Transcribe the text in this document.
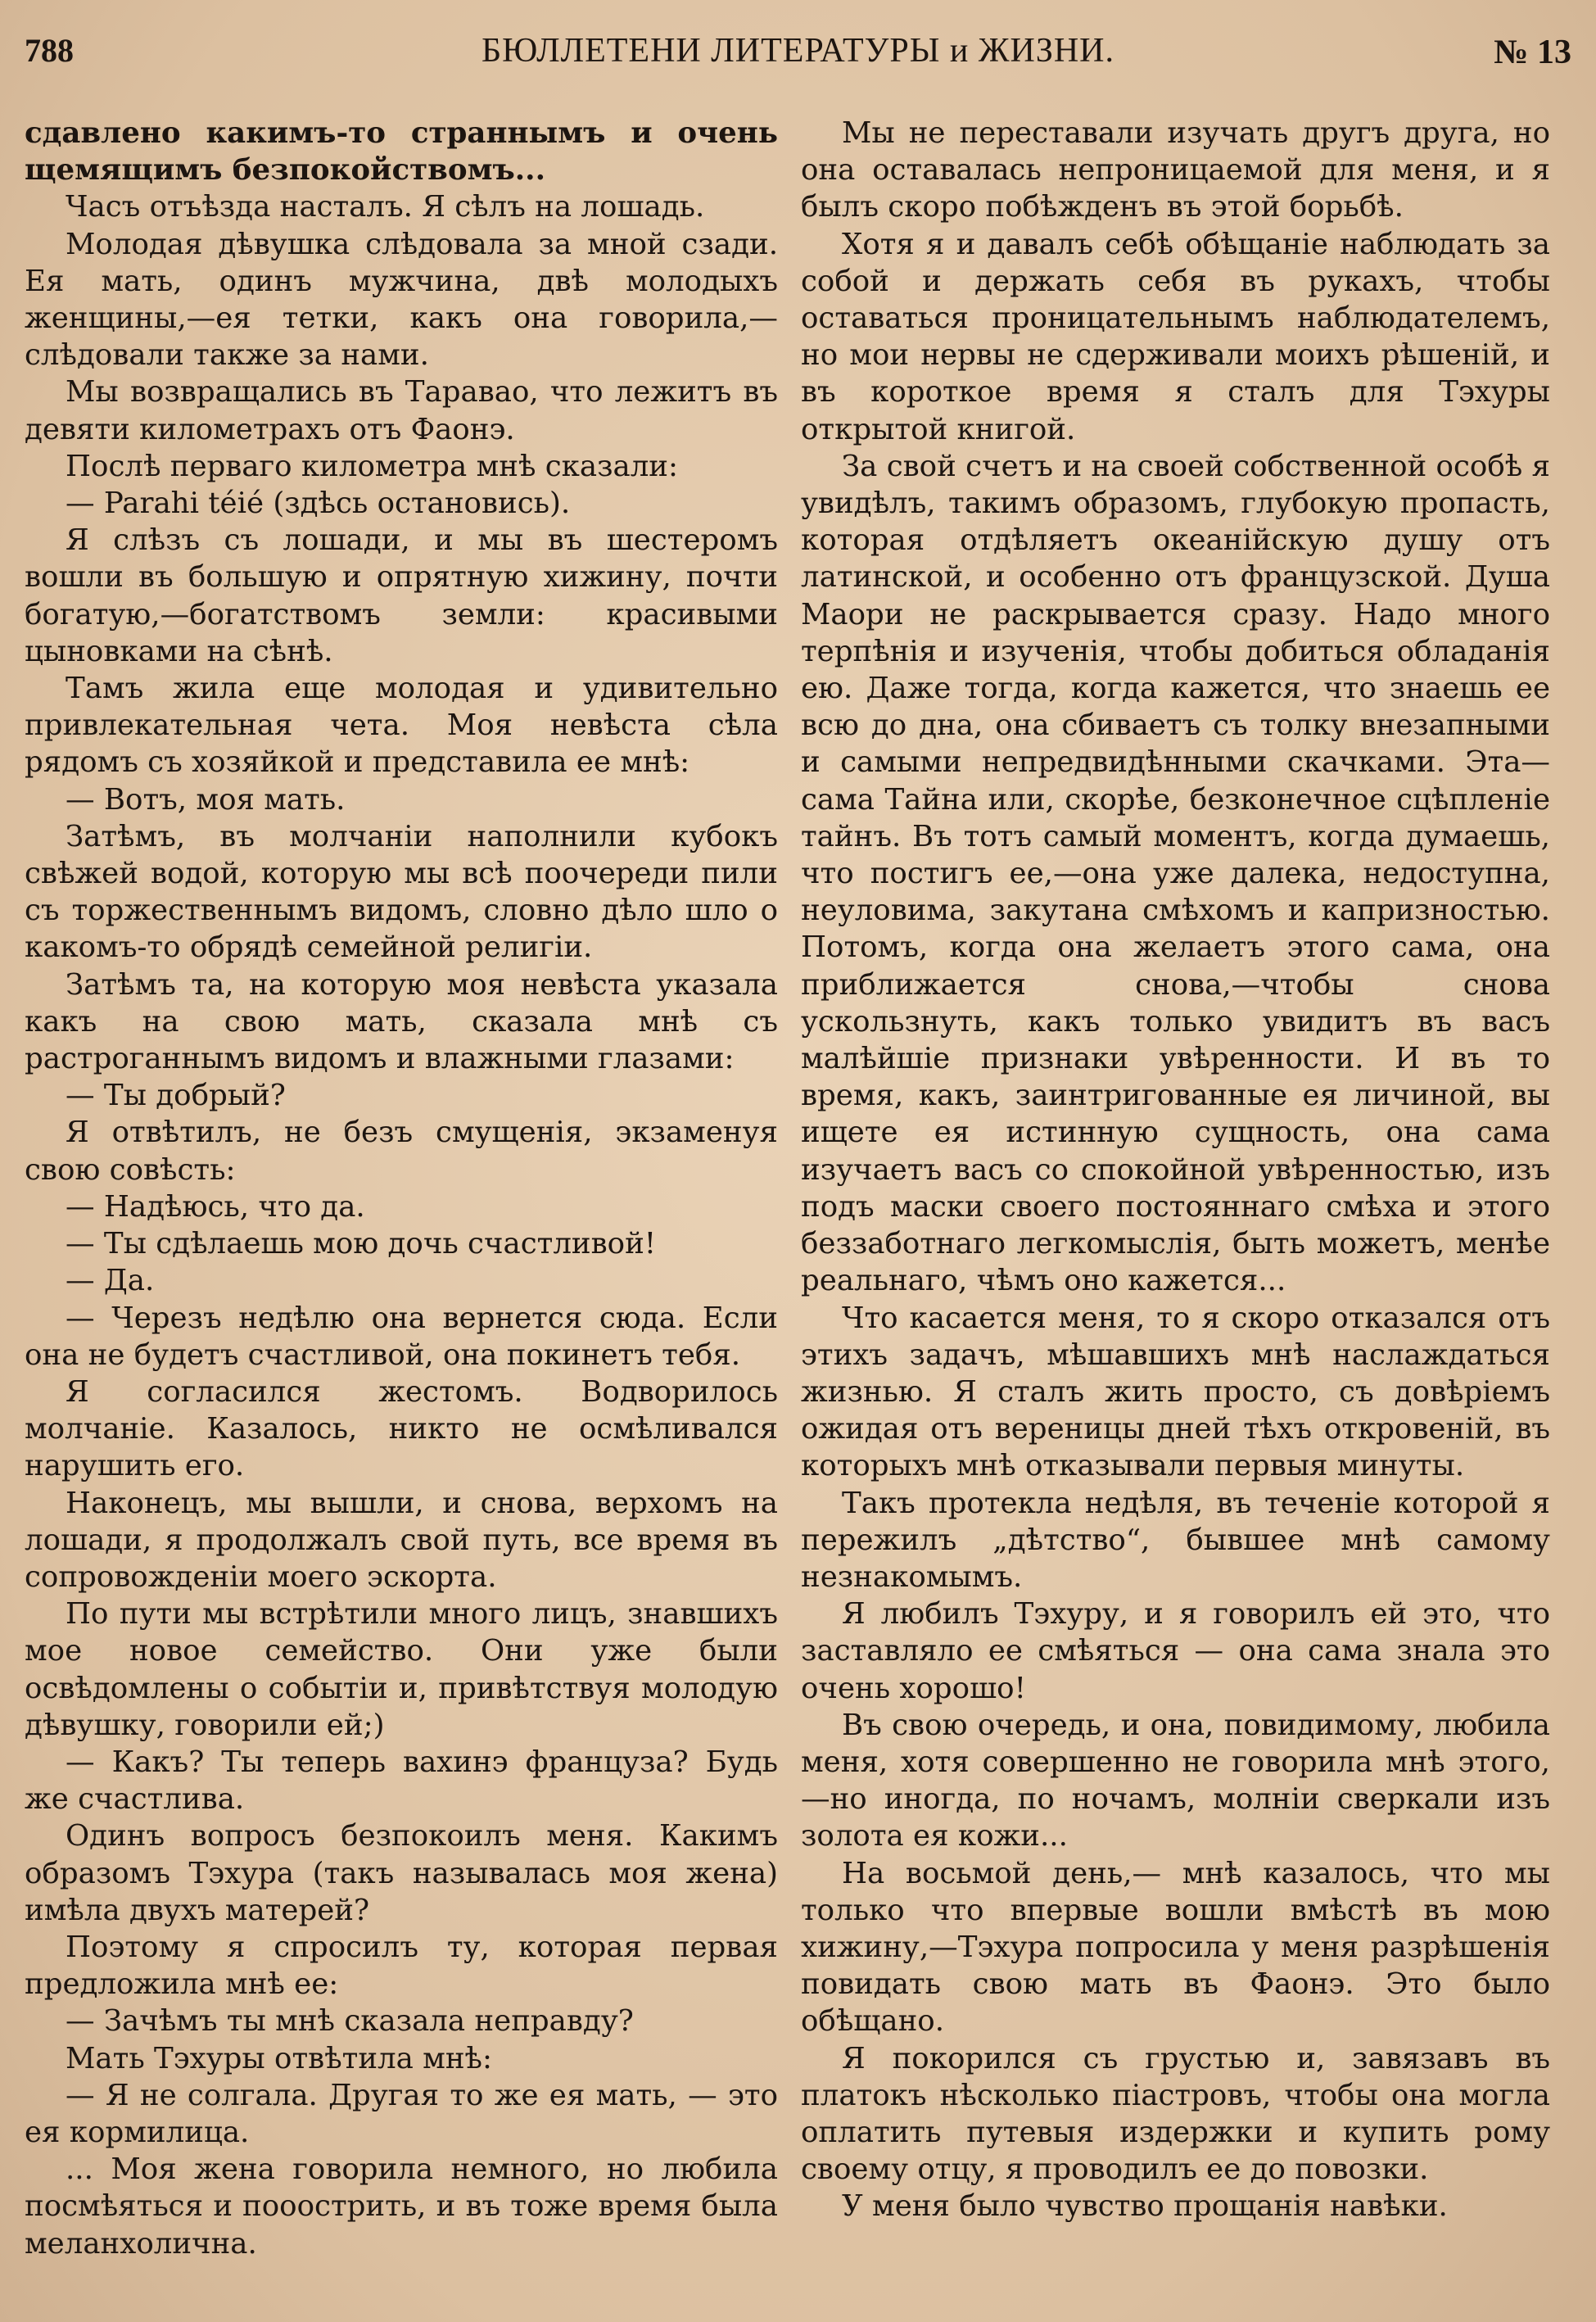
788	БЮЛЛЕТЕНИ ЛИТЕРАТУРЫ и ЖИЗНИ.	№ 13

сдавлено какимъ-то страннымъ и очень щемящимъ безпокойствомъ...

Часъ отъѣзда насталъ. Я сѣлъ на лошадь.

Молодая дѣвушка слѣдовала за мной сзади. Ея мать, одинъ мужчина, двѣ молодыхъ женщины,—ея тетки, какъ она говорила,—слѣдовали также за нами.

Мы возвращались въ Таравао, что лежитъ въ девяти километрахъ отъ Фаонэ.

Послѣ перваго километра мнѣ сказали:

— Parahi téié (здѣсь остановись).

Я слѣзъ съ лошади, и мы въ шестеромъ вошли въ большую и опрятную хижину, почти богатую,—богатствомъ земли: красивыми цыновками на сѣнѣ.

Тамъ жила еще молодая и удивительно привлекательная чета. Моя невѣста сѣла рядомъ съ хозяйкой и представила ее мнѣ:

— Вотъ, моя мать.

Затѣмъ, въ молчаніи наполнили кубокъ свѣжей водой, которую мы всѣ поочереди пили съ торжественнымъ видомъ, словно дѣло шло о какомъ-то обрядѣ семейной религіи.

Затѣмъ та, на которую моя невѣста указала какъ на свою мать, сказала мнѣ съ растроганнымъ видомъ и влажными глазами:

— Ты добрый?

Я отвѣтилъ, не безъ смущенія, экзаменуя свою совѣсть:

— Надѣюсь, что да.

— Ты сдѣлаешь мою дочь счастливой!

— Да.

— Черезъ недѣлю она вернется сюда. Если она не будетъ счастливой, она покинетъ тебя.

Я согласился жестомъ. Водворилось молчаніе. Казалось, никто не осмѣливался нарушить его.

Наконецъ, мы вышли, и снова, верхомъ на лошади, я продолжалъ свой путь, все время въ сопровожденіи моего эскорта.

По пути мы встрѣтили много лицъ, знавшихъ мое новое семейство. Они уже были освѣдомлены о событіи и, привѣтствуя молодую дѣвушку, говорили ей;)

— Какъ? Ты теперь вахинэ француза? Будь же счастлива.

Одинъ вопросъ безпокоилъ меня. Какимъ образомъ Тэхура (такъ называлась моя жена) имѣла двухъ матерей?

Поэтому я спросилъ ту, которая первая предложила мнѣ ее:

— Зачѣмъ ты мнѣ сказала неправду?

Мать Тэхуры отвѣтила мнѣ:

— Я не солгала. Другая то же ея мать, — это ея кормилица.

... Моя жена говорила немного, но любила посмѣяться и пооострить, и въ тоже время была меланхолична.

Мы не переставали изучать другъ друга, но она оставалась непроницаемой для меня, и я былъ скоро побѣжденъ въ этой борьбѣ.

Хотя я и давалъ себѣ обѣщаніе наблюдать за собой и держать себя въ рукахъ, чтобы оставаться проницательнымъ наблюдателемъ, но мои нервы не сдерживали моихъ рѣшеній, и въ короткое время я сталъ для Тэхуры открытой книгой.

За свой счетъ и на своей собственной особѣ я увидѣлъ, такимъ образомъ, глубокую пропасть, которая отдѣляетъ океанійскую душу отъ латинской, и особенно отъ французской. Душа Маори не раскрывается сразу. Надо много терпѣнія и изученія, чтобы добиться обладанія ею. Даже тогда, когда кажется, что знаешь ее всю до дна, она сбиваетъ съ толку внезапными и самыми непредвидѣнными скачками. Эта—сама Тайна или, скорѣе, безконечное сцѣпленіе тайнъ. Въ тотъ самый моментъ, когда думаешь, что постигъ ее,—она уже далека, недоступна, неуловима, закутана смѣхомъ и капризностью. Потомъ, когда она желаетъ этого сама, она приближается снова,—чтобы снова ускользнуть, какъ только увидитъ въ васъ малѣйшіе признаки увѣренности. И въ то время, какъ, заинтригованные ея личиной, вы ищете ея истинную сущность, она сама изучаетъ васъ со спокойной увѣренностью, изъ подъ маски своего постояннаго смѣха и этого беззаботнаго легкомыслія, быть можетъ, менѣе реальнаго, чѣмъ оно кажется...

Что касается меня, то я скоро отказался отъ этихъ задачъ, мѣшавшихъ мнѣ наслаждаться жизнью. Я сталъ жить просто, съ довѣріемъ ожидая отъ вереницы дней тѣхъ откровеній, въ которыхъ мнѣ отказывали первыя минуты.

Такъ протекла недѣля, въ теченіе которой я пережилъ „дѣтство“, бывшее мнѣ самому незнакомымъ.

Я любилъ Тэхуру, и я говорилъ ей это, что заставляло ее смѣяться — она сама знала это очень хорошо!

Въ свою очередь, и она, повидимому, любила меня, хотя совершенно не говорила мнѣ этого,—но иногда, по ночамъ, молніи сверкали изъ золота ея кожи...

На восьмой день,— мнѣ казалось, что мы только что впервые вошли вмѣстѣ въ мою хижину,—Тэхура попросила у меня разрѣшенія повидать свою мать въ Фаонэ. Это было обѣщано.

Я покорился съ грустью и, завязавъ въ платокъ нѣсколько піастровъ, чтобы она могла оплатить путевыя издержки и купить рому своему отцу, я проводилъ ее до повозки.

У меня было чувство прощанія навѣки.
